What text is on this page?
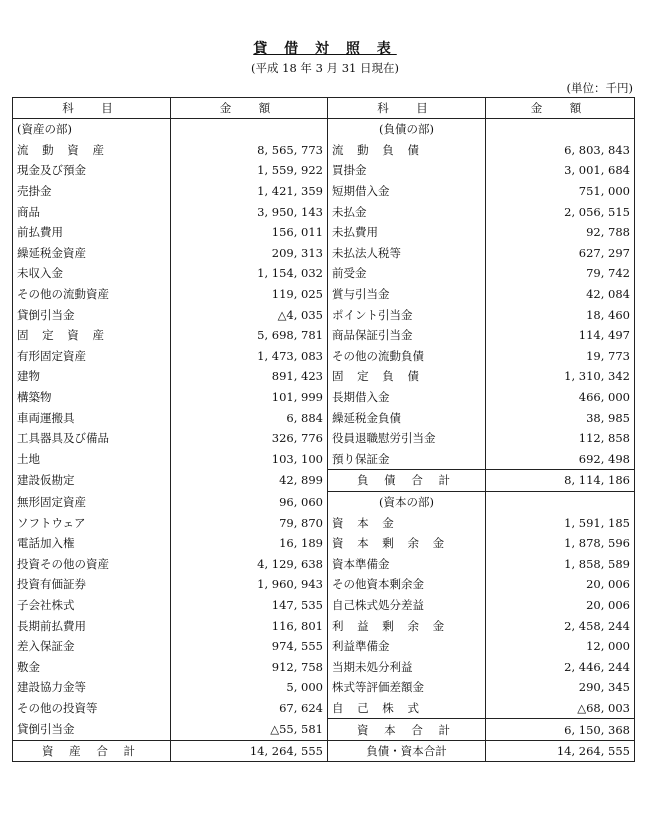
貸 借 対 照 表
(平成 18 年 3 月 31 日現在)
(単位：千円)
科　目	金　額	科　目	金　額
(資産の部)		(負債の部)	
流 動 資 産	8, 565, 773	流 動 負 債	6, 803, 843
現金及び預金	1, 559, 922	買掛金	3, 001, 684
売掛金	1, 421, 359	短期借入金	751, 000
商品	3, 950, 143	未払金	2, 056, 515
前払費用	156, 011	未払費用	92, 788
繰延税金資産	209, 313	未払法人税等	627, 297
未収入金	1, 154, 032	前受金	79, 742
その他の流動資産	119, 025	賞与引当金	42, 084
貸倒引当金	△4, 035	ポイント引当金	18, 460
固 定 資 産	5, 698, 781	商品保証引当金	114, 497
有形固定資産	1, 473, 083	その他の流動負債	19, 773
建物	891, 423	固 定 負 債	1, 310, 342
構築物	101, 999	長期借入金	466, 000
車両運搬具	6, 884	繰延税金負債	38, 985
工具器具及び備品	326, 776	役員退職慰労引当金	112, 858
土地	103, 100	預り保証金	692, 498
建設仮勘定	42, 899	負 債 合 計	8, 114, 186
無形固定資産	96, 060	(資本の部)	
ソフトウェア	79, 870	資 本 金	1, 591, 185
電話加入権	16, 189	資 本 剰 余 金	1, 878, 596
投資その他の資産	4, 129, 638	資本準備金	1, 858, 589
投資有価証券	1, 960, 943	その他資本剰余金	20, 006
子会社株式	147, 535	自己株式処分差益	20, 006
長期前払費用	116, 801	利 益 剰 余 金	2, 458, 244
差入保証金	974, 555	利益準備金	12, 000
敷金	912, 758	当期未処分利益	2, 446, 244
建設協力金等	5, 000	株式等評価差額金	290, 345
その他の投資等	67, 624	自 己 株 式	△68, 003
貸倒引当金	△55, 581	資 本 合 計	6, 150, 368
資 産 合 計	14, 264, 555	負債・資本合計	14, 264, 555
